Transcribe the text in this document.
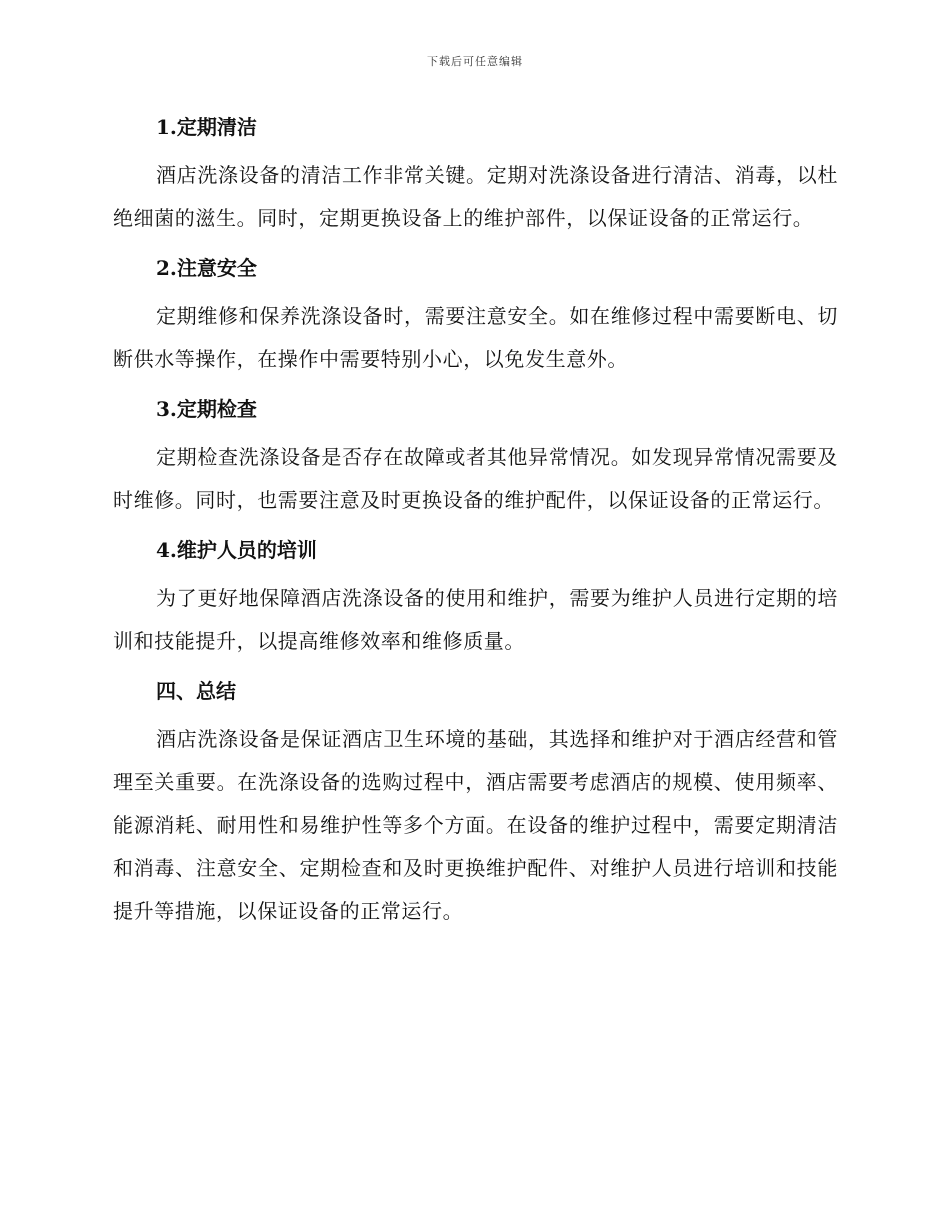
下载后可任意编辑
1.定期清洁

酒店洗涤设备的清洁工作非常关键。定期对洗涤设备进行清洁、消毒，以杜绝细菌的滋生。同时，定期更换设备上的维护部件，以保证设备的正常运行。

2.注意安全

定期维修和保养洗涤设备时，需要注意安全。如在维修过程中需要断电、切断供水等操作，在操作中需要特别小心，以免发生意外。

3.定期检查

定期检查洗涤设备是否存在故障或者其他异常情况。如发现异常情况需要及时维修。同时，也需要注意及时更换设备的维护配件，以保证设备的正常运行。

4.维护人员的培训

为了更好地保障酒店洗涤设备的使用和维护，需要为维护人员进行定期的培训和技能提升，以提高维修效率和维修质量。

四、总结

酒店洗涤设备是保证酒店卫生环境的基础，其选择和维护对于酒店经营和管理至关重要。在洗涤设备的选购过程中，酒店需要考虑酒店的规模、使用频率、能源消耗、耐用性和易维护性等多个方面。在设备的维护过程中，需要定期清洁和消毒、注意安全、定期检查和及时更换维护配件、对维护人员进行培训和技能提升等措施，以保证设备的正常运行。
